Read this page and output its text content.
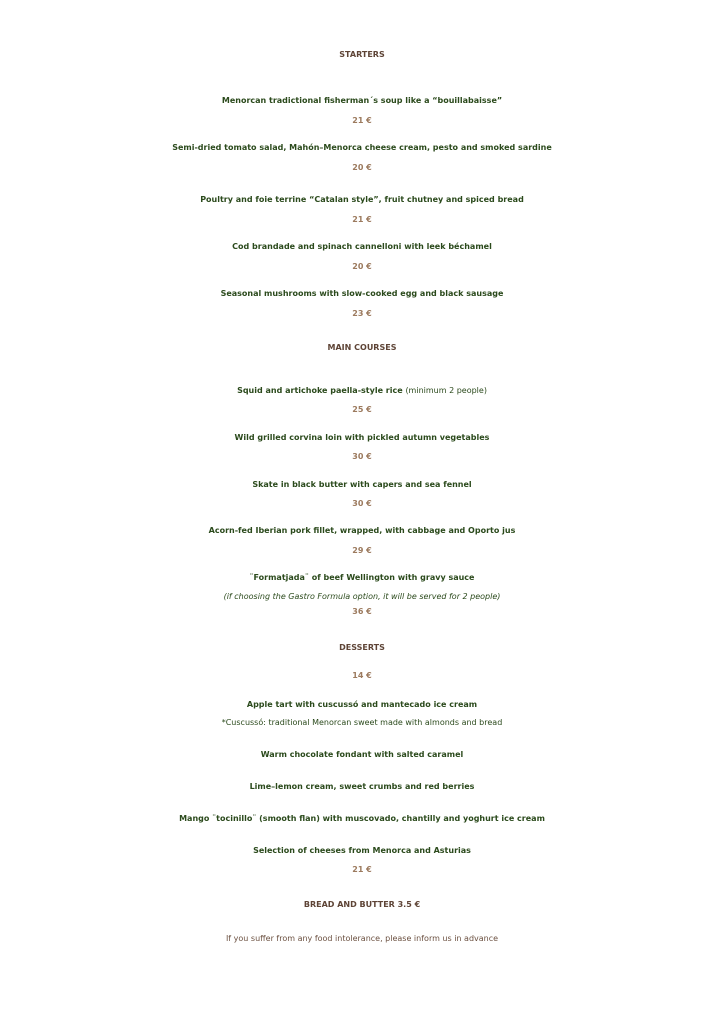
STARTERS
Menorcan tradictional fisherman´s soup like a “bouillabaisse”
21 €
Semi-dried tomato salad, Mahón–Menorca cheese cream, pesto and smoked sardine
20 €
Poultry and foie terrine “Catalan style”, fruit chutney and spiced bread
21 €
Cod brandade and spinach cannelloni with leek béchamel
20 €
Seasonal mushrooms with slow-cooked egg and black sausage
23 €
MAIN COURSES
Squid and artichoke paella-style rice (minimum 2 people)
25 €
Wild grilled corvina loin with pickled autumn vegetables
30 €
Skate in black butter with capers and sea fennel
30 €
Acorn-fed Iberian pork fillet, wrapped, with cabbage and Oporto jus
29 €
¨Formatjada¨ of beef Wellington with gravy sauce
(if choosing the Gastro Formula option, it will be served for 2 people)
36 €
DESSERTS
14 €
Apple tart with cuscussó and mantecado ice cream
*Cuscussó: traditional Menorcan sweet made with almonds and bread
Warm chocolate fondant with salted caramel
Lime–lemon cream, sweet crumbs and red berries
Mango ¨tocinillo¨ (smooth flan) with muscovado, chantilly and yoghurt ice cream
Selection of cheeses from Menorca and Asturias
21 €
BREAD AND BUTTER 3.5 €
If you suffer from any food intolerance, please inform us in advance
